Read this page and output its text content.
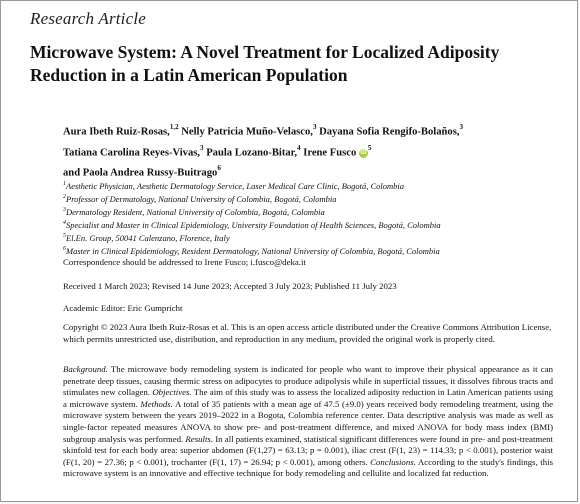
Research Article
Microwave System: A Novel Treatment for Localized Adiposity Reduction in a Latin American Population
Aura Ibeth Ruiz-Rosas,$^{1,2}$ Nelly Patricia Muño-Velasco,$^3$ Dayana Sofia Rengifo-Bolaños,$^3$
Tatiana Carolina Reyes-Vivas,$^3$ Paula Lozano-Bitar,$^4$ Irene Fusco $iD^5$
and Paola Andrea Russy-Buitrago$^6$
$^1$Aesthetic Physician, Aesthetic Dermatology Service, Laser Medical Care Clinic, Bogotá, Colombia
$^2$Professor of Dermatology, National University of Colombia, Bogotá, Colombia
$^3$Dermatology Resident, National University of Colombia, Bogotá, Colombia
$^4$Specialist and Master in Clinical Epidemiology, University Foundation of Health Sciences, Bogotá, Colombia
$^5$El.En. Group, 50041 Calenzano, Florence, Italy
$^6$Master in Clinical Epidemiology, Resident Dermatology, National University of Colombia, Bogotá, Colombia
Correspondence should be addressed to Irene Fusco; i.fusco@deka.it
Received 1 March 2023; Revised 14 June 2023; Accepted 3 July 2023; Published 11 July 2023
Academic Editor: Eric Gumpricht
Copyright © 2023 Aura Ibeth Ruiz-Rosas et al. This is an open access article distributed under the Creative Commons Attribution License, which permits unrestricted use, distribution, and reproduction in any medium, provided the original work is properly cited.
Background. The microwave body remodeling system is indicated for people who want to improve their physical appearance as it can penetrate deep tissues, causing thermic stress on adipocytes to produce adipolysis while in superficial tissues, it dissolves fibrous tracts and stimulates new collagen. Objectives. The aim of this study was to assess the localized adiposity reduction in Latin American patients using a microwave system. Methods. A total of 35 patients with a mean age of 47.5 (±9.0) years received body remodeling treatment, using the microwave system between the years 2019–2022 in a Bogota, Colombia reference center. Data descriptive analysis was made as well as single-factor repeated measures ANOVA to show pre- and post-treatment difference, and mixed ANOVA for body mass index (BMI) subgroup analysis was performed. Results. In all patients examined, statistical significant differences were found in pre- and post-treatment skinfold test for each body area: superior abdomen (F(1,27) = 63.13; p = 0.001), iliac crest (F(1, 23) = 114.33; p < 0.001), posterior waist (F(1, 20) = 27.36; p < 0.001), trochanter (F(1, 17) = 26.94; p < 0.001), among others. Conclusions. According to the study's findings, this microwave system is an innovative and effective technique for body remodeling and cellulite and localized fat reduction.
